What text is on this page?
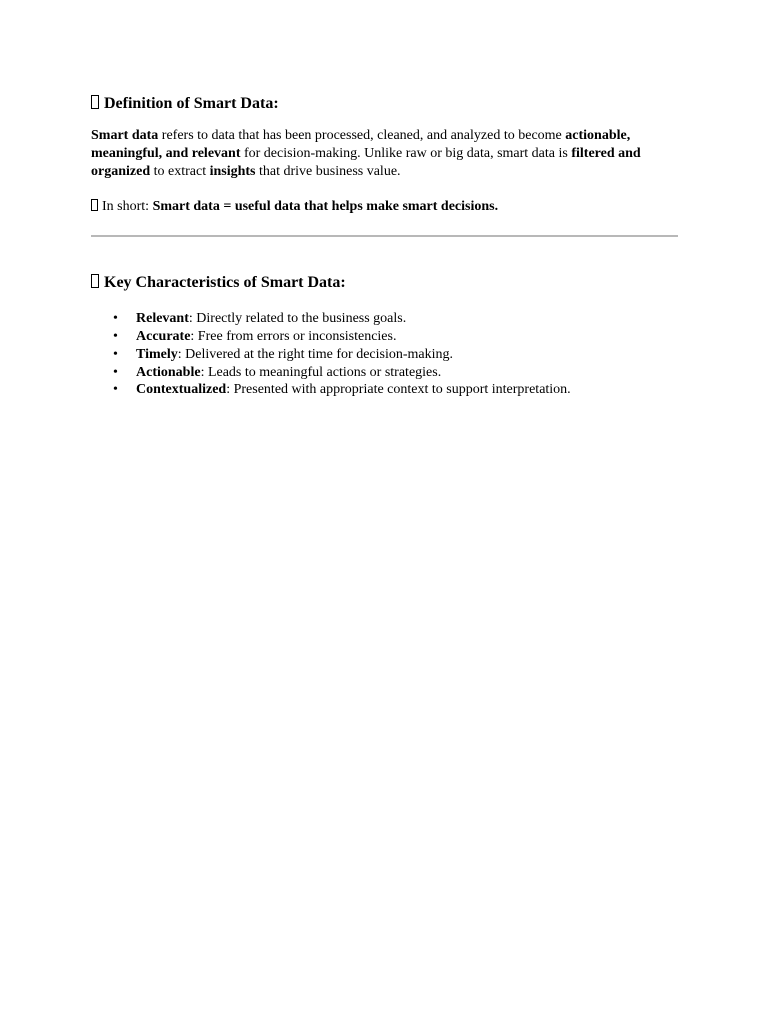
Definition of Smart Data:

Smart data refers to data that has been processed, cleaned, and analyzed to become actionable, meaningful, and relevant for decision-making. Unlike raw or big data, smart data is filtered and organized to extract insights that drive business value.

In short: Smart data = useful data that helps make smart decisions.

Key Characteristics of Smart Data:
• Relevant: Directly related to the business goals.
• Accurate: Free from errors or inconsistencies.
• Timely: Delivered at the right time for decision-making.
• Actionable: Leads to meaningful actions or strategies.
• Contextualized: Presented with appropriate context to support interpretation.
